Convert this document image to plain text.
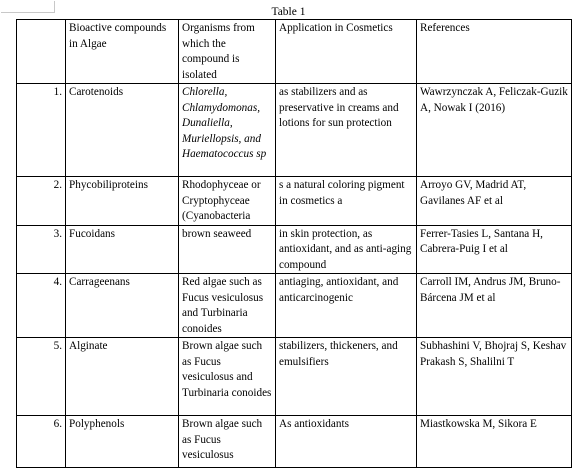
Table 1
	Bioactive compounds in Algae	Organisms from which the compound is isolated	Application in Cosmetics	References
1.	Carotenoids	Chlorella, Chlamydomonas, Dunaliella, Muriellopsis, and Haematococcus sp	as stabilizers and as preservative in creams and lotions for sun protection	Wawrzynczak A, Feliczak-Guzik A, Nowak I (2016)
2.	Phycobiliproteins	Rhodophyceae or Cryptophyceae (Cyanobacteria	s a natural coloring pigment in cosmetics a	Arroyo GV, Madrid AT, Gavilanes AF et al
3.	Fucoidans	brown seaweed	in skin protection, as antioxidant, and as anti-aging compound	Ferrer-Tasies L, Santana H, Cabrera-Puig I et al
4.	Carrageenans	Red algae such as Fucus vesiculosus and Turbinaria conoides	antiaging, antioxidant, and anticarcinogenic	Carroll IM, Andrus JM, Bruno-Bárcena JM et al
5.	Alginate	Brown algae such as Fucus vesiculosus and Turbinaria conoides	stabilizers, thickeners, and emulsifiers	Subhashini V, Bhojraj S, Keshav Prakash S, Shalilni T
6.	Polyphenols	Brown algae such as Fucus vesiculosus	As antioxidants	Miastkowska M, Sikora E
